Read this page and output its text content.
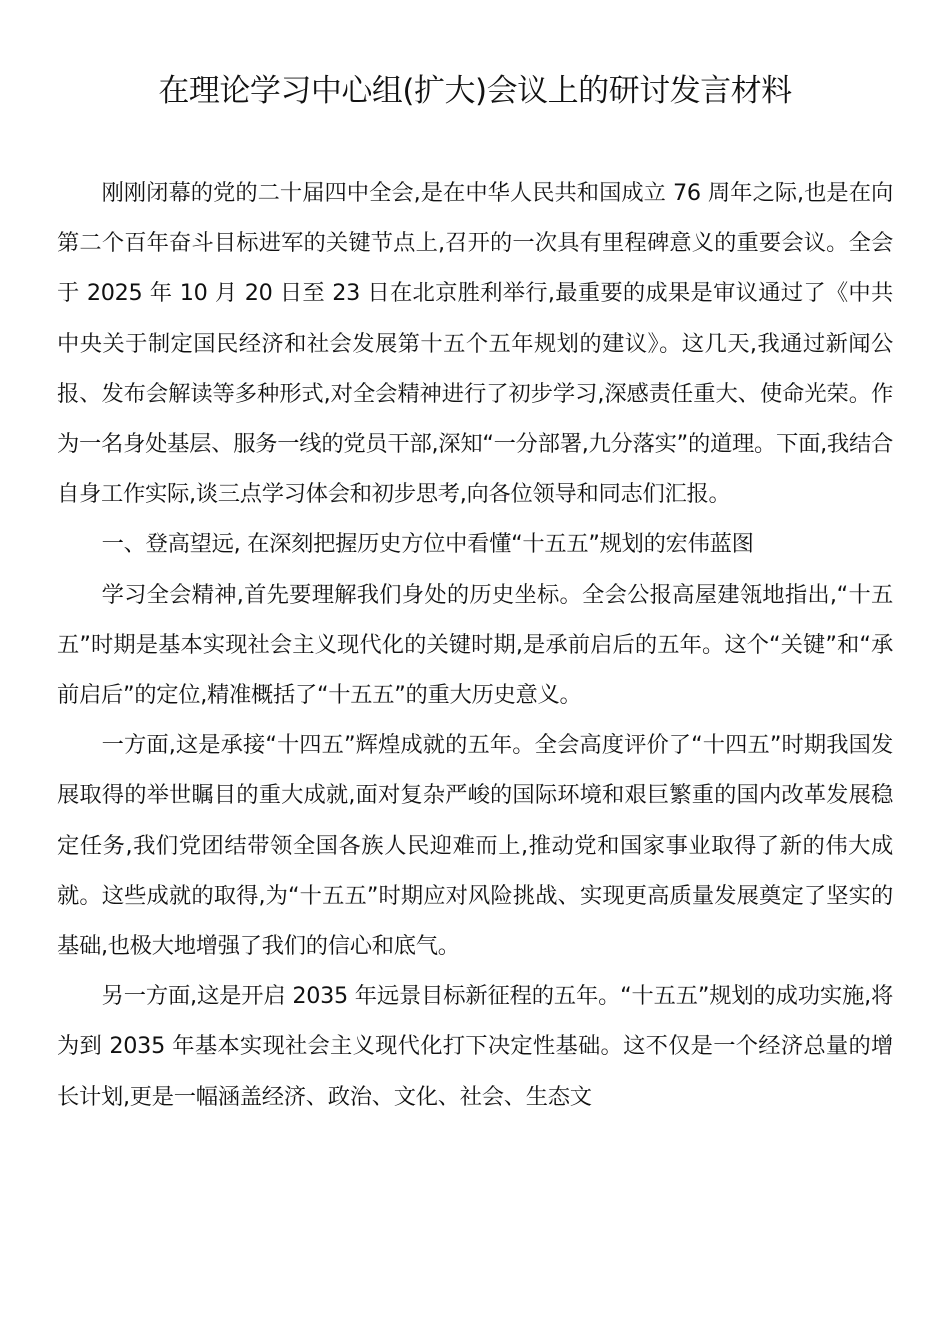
在理论学习中心组(扩大)会议上的研讨发言材料

刚刚闭幕的党的二十届四中全会,是在中华人民共和国成立 76 周年之际,也是在向第二个百年奋斗目标进军的关键节点上,召开的一次具有里程碑意义的重要会议。全会于 2025 年 10 月 20 日至 23 日在北京胜利举行,最重要的成果是审议通过了《中共中央关于制定国民经济和社会发展第十五个五年规划的建议》。这几天,我通过新闻公报、发布会解读等多种形式,对全会精神进行了初步学习,深感责任重大、使命光荣。作为一名身处基层、服务一线的党员干部,深知“一分部署,九分落实”的道理。下面,我结合自身工作实际,谈三点学习体会和初步思考,向各位领导和同志们汇报。

一、登高望远, 在深刻把握历史方位中看懂“十五五”规划的宏伟蓝图

学习全会精神,首先要理解我们身处的历史坐标。全会公报高屋建瓴地指出,“十五五”时期是基本实现社会主义现代化的关键时期,是承前启后的五年。这个“关键”和“承前启后”的定位,精准概括了“十五五”的重大历史意义。

一方面,这是承接“十四五”辉煌成就的五年。全会高度评价了“十四五”时期我国发展取得的举世瞩目的重大成就,面对复杂严峻的国际环境和艰巨繁重的国内改革发展稳定任务,我们党团结带领全国各族人民迎难而上,推动党和国家事业取得了新的伟大成就。这些成就的取得,为“十五五”时期应对风险挑战、实现更高质量发展奠定了坚实的基础,也极大地增强了我们的信心和底气。

另一方面,这是开启 2035 年远景目标新征程的五年。“十五五”规划的成功实施,将为到 2035 年基本实现社会主义现代化打下决定性基础。这不仅是一个经济总量的增长计划,更是一幅涵盖经济、政治、文化、社会、生态文
